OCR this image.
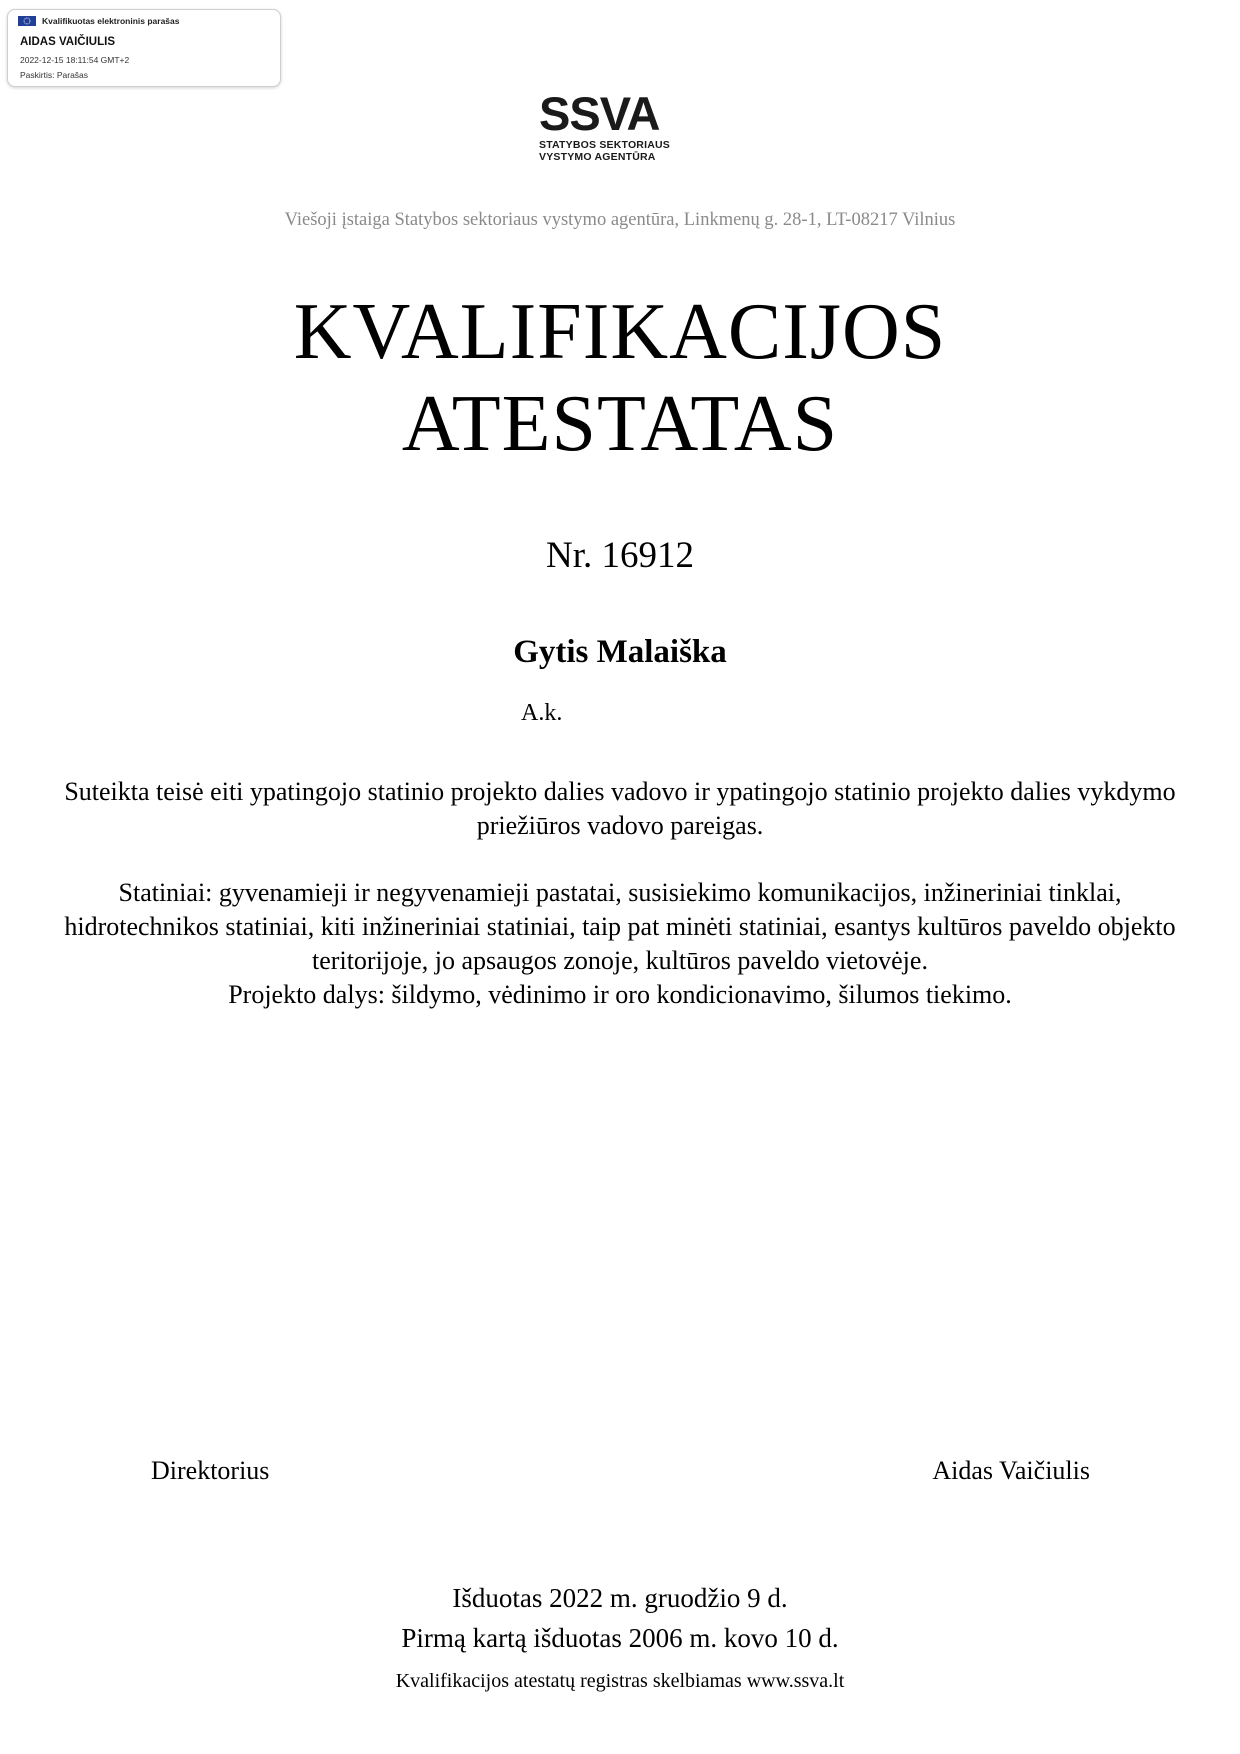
Kvalifikuotas elektroninis parašas
AIDAS VAIČIULIS
2022-12-15 18:11:54 GMT+2
Paskirtis: Parašas
SSVA
STATYBOS SEKTORIAUS
VYSTYMO AGENTŪRA
Viešoji įstaiga Statybos sektoriaus vystymo agentūra, Linkmenų g. 28-1, LT-08217 Vilnius
KVALIFIKACIJOS
ATESTATAS
Nr. 16912
Gytis Malaiška
A.k.
Suteikta teisė eiti ypatingojo statinio projekto dalies vadovo ir ypatingojo statinio projekto dalies vykdymo priežiūros vadovo pareigas.
Statiniai: gyvenamieji ir negyvenamieji pastatai, susisiekimo komunikacijos, inžineriniai tinklai, hidrotechnikos statiniai, kiti inžineriniai statiniai, taip pat minėti statiniai, esantys kultūros paveldo objekto teritorijoje, jo apsaugos zonoje, kultūros paveldo vietovėje.
Projekto dalys: šildymo, vėdinimo ir oro kondicionavimo, šilumos tiekimo.
Direktorius	Aidas Vaičiulis
Išduotas 2022 m. gruodžio 9 d.
Pirmą kartą išduotas 2006 m. kovo 10 d.
Kvalifikacijos atestatų registras skelbiamas www.ssva.lt
